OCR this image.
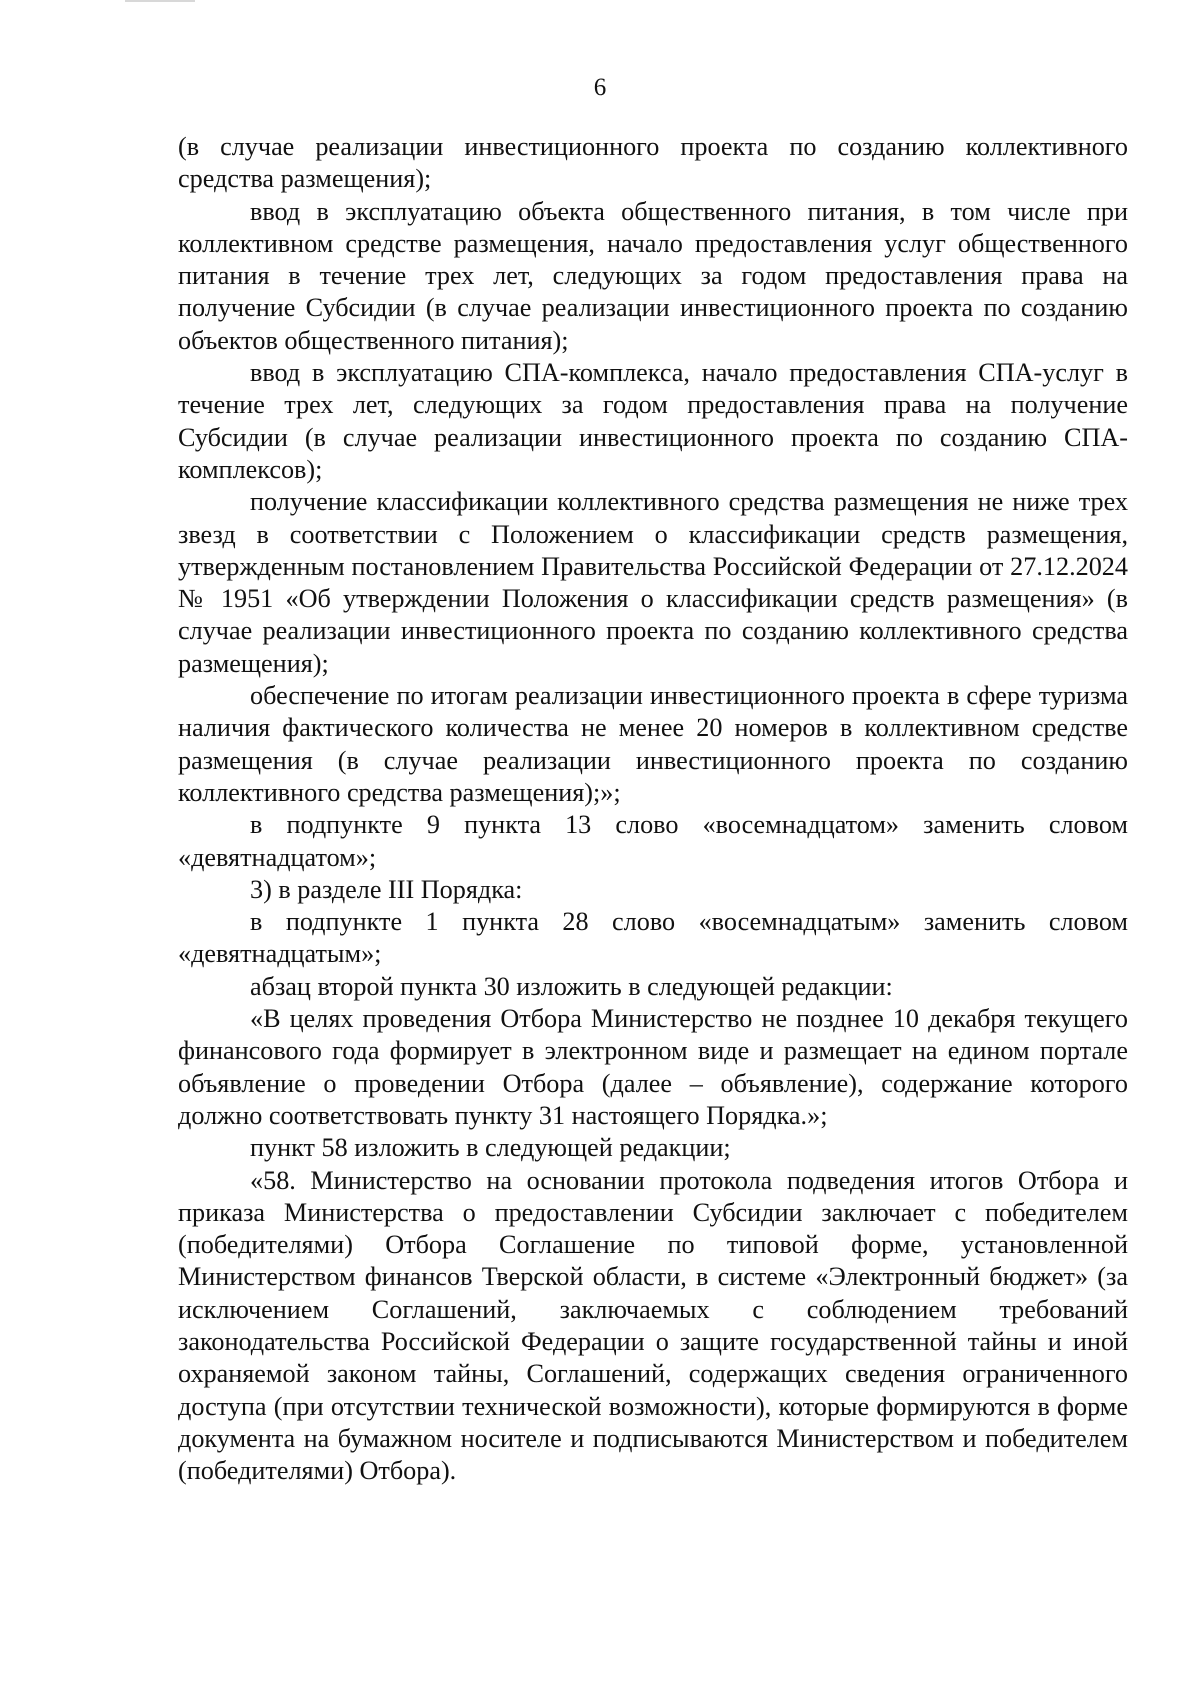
6

(в случае реализации инвестиционного проекта по созданию коллективного средства размещения);

ввод в эксплуатацию объекта общественного питания, в том числе при коллективном средстве размещения, начало предоставления услуг общественного питания в течение трех лет, следующих за годом предоставления права на получение Субсидии (в случае реализации инвестиционного проекта по созданию объектов общественного питания);

ввод в эксплуатацию СПА-комплекса, начало предоставления СПА-услуг в течение трех лет, следующих за годом предоставления права на получение Субсидии (в случае реализации инвестиционного проекта по созданию СПА-комплексов);

получение классификации коллективного средства размещения не ниже трех звезд в соответствии с Положением о классификации средств размещения, утвержденным постановлением Правительства Российской Федерации от 27.12.2024 № 1951 «Об утверждении Положения о классификации средств размещения» (в случае реализации инвестиционного проекта по созданию коллективного средства размещения);

обеспечение по итогам реализации инвестиционного проекта в сфере туризма наличия фактического количества не менее 20 номеров в коллективном средстве размещения (в случае реализации инвестиционного проекта по созданию коллективного средства размещения);»;

в подпункте 9 пункта 13 слово «восемнадцатом» заменить словом «девятнадцатом»;

3) в разделе III Порядка:

в подпункте 1 пункта 28 слово «восемнадцатым» заменить словом «девятнадцатым»;

абзац второй пункта 30 изложить в следующей редакции:

«В целях проведения Отбора Министерство не позднее 10 декабря текущего финансового года формирует в электронном виде и размещает на едином портале объявление о проведении Отбора (далее – объявление), содержание которого должно соответствовать пункту 31 настоящего Порядка.»;

пункт 58 изложить в следующей редакции;

«58. Министерство на основании протокола подведения итогов Отбора и приказа Министерства о предоставлении Субсидии заключает с победителем (победителями) Отбора Соглашение по типовой форме, установленной Министерством финансов Тверской области, в системе «Электронный бюджет» (за исключением Соглашений, заключаемых с соблюдением требований законодательства Российской Федерации о защите государственной тайны и иной охраняемой законом тайны, Соглашений, содержащих сведения ограниченного доступа (при отсутствии технической возможности), которые формируются в форме документа на бумажном носителе и подписываются Министерством и победителем (победителями) Отбора).
